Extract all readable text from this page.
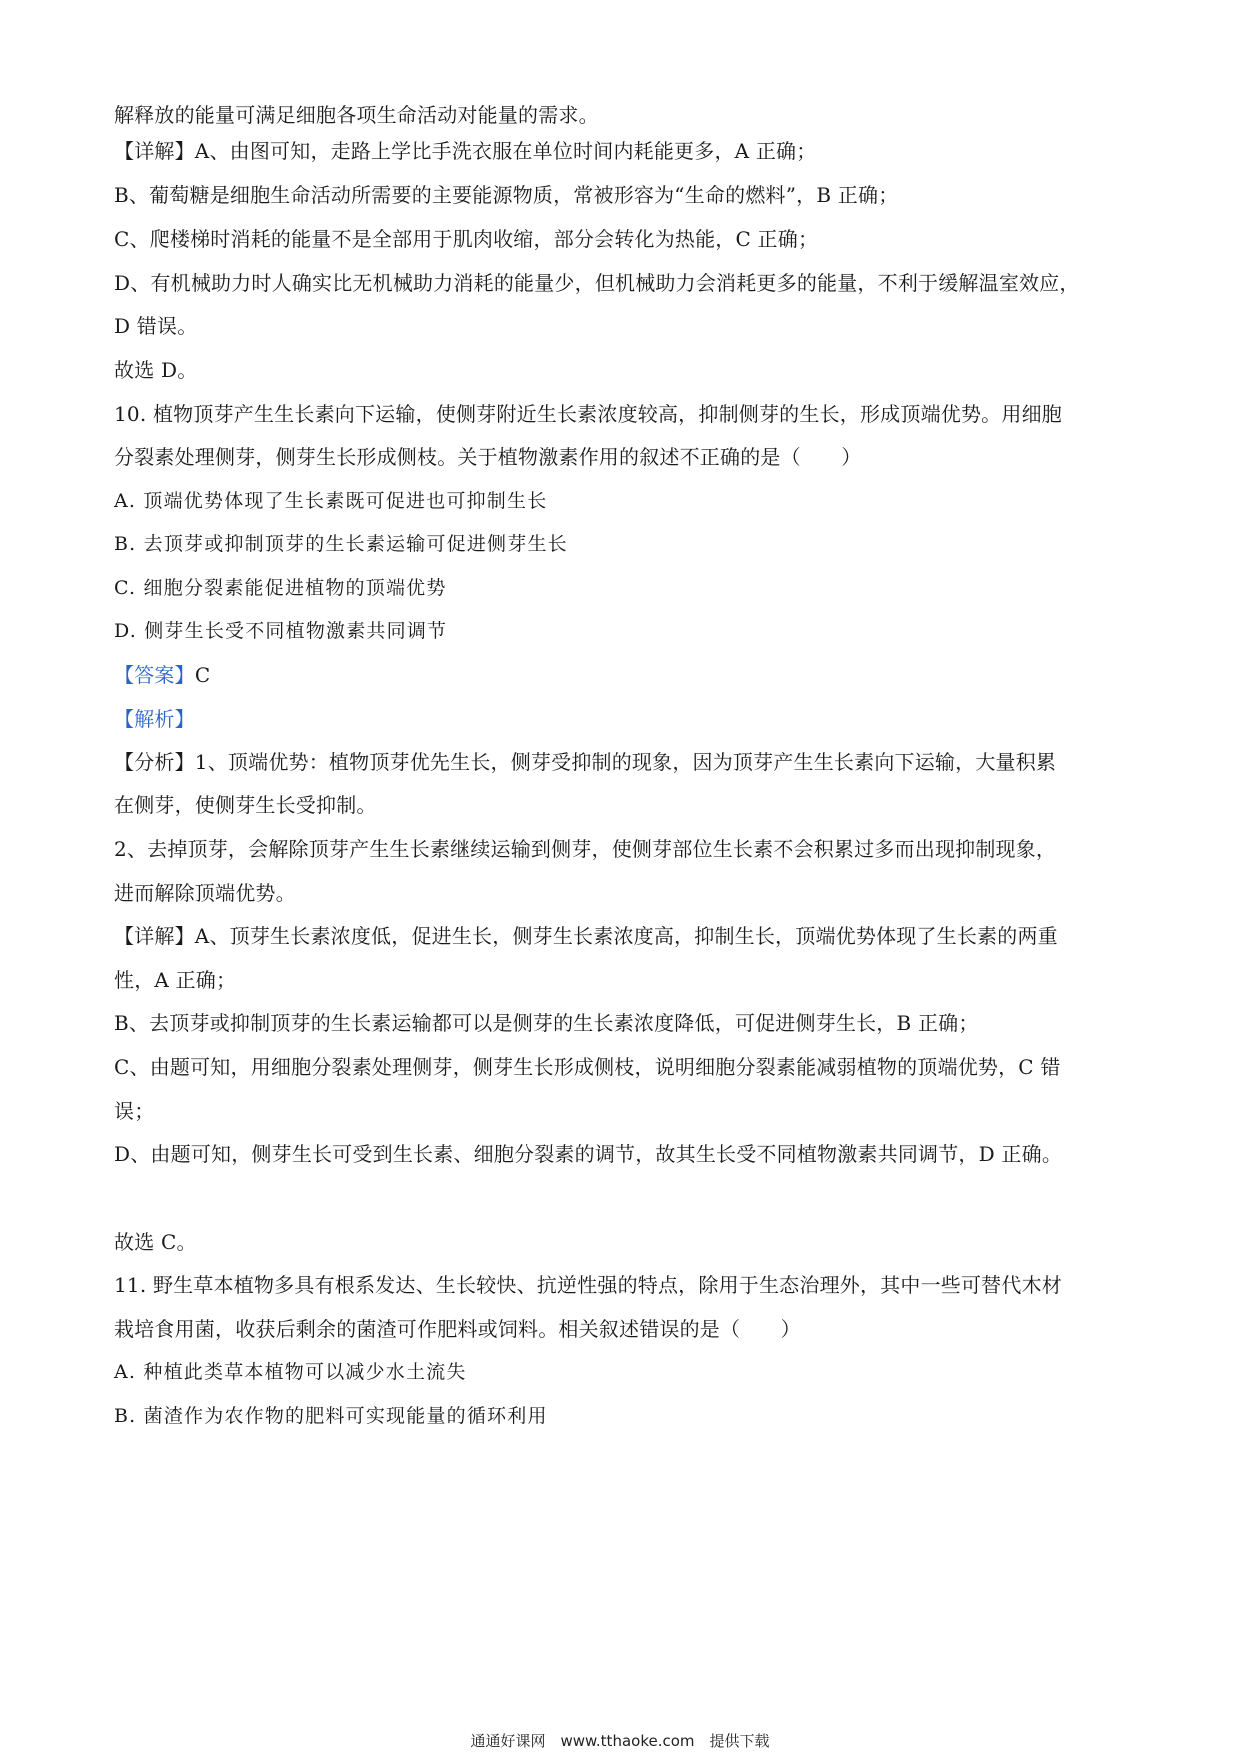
解释放的能量可满足细胞各项生命活动对能量的需求。
【详解】A、由图可知，走路上学比手洗衣服在单位时间内耗能更多，A 正确；
B、葡萄糖是细胞生命活动所需要的主要能源物质，常被形容为“生命的燃料”，B 正确；
C、爬楼梯时消耗的能量不是全部用于肌肉收缩，部分会转化为热能，C 正确；
D、有机械助力时人确实比无机械助力消耗的能量少，但机械助力会消耗更多的能量，不利于缓解温室效应，
D 错误。
故选 D。
10. 植物顶芽产生生长素向下运输，使侧芽附近生长素浓度较高，抑制侧芽的生长，形成顶端优势。用细胞
分裂素处理侧芽，侧芽生长形成侧枝。关于植物激素作用的叙述不正确的是（　　）
A. 顶端优势体现了生长素既可促进也可抑制生长
B. 去顶芽或抑制顶芽的生长素运输可促进侧芽生长
C. 细胞分裂素能促进植物的顶端优势
D. 侧芽生长受不同植物激素共同调节
【答案】C
【解析】
【分析】1、顶端优势：植物顶芽优先生长，侧芽受抑制的现象，因为顶芽产生生长素向下运输，大量积累
在侧芽，使侧芽生长受抑制。
2、去掉顶芽，会解除顶芽产生生长素继续运输到侧芽，使侧芽部位生长素不会积累过多而出现抑制现象，
进而解除顶端优势。
【详解】A、顶芽生长素浓度低，促进生长，侧芽生长素浓度高，抑制生长，顶端优势体现了生长素的两重
性，A 正确；
B、去顶芽或抑制顶芽的生长素运输都可以是侧芽的生长素浓度降低，可促进侧芽生长，B 正确；
C、由题可知，用细胞分裂素处理侧芽，侧芽生长形成侧枝，说明细胞分裂素能减弱植物的顶端优势，C 错
误；
D、由题可知，侧芽生长可受到生长素、细胞分裂素的调节，故其生长受不同植物激素共同调节，D 正确。
故选 C。
11. 野生草本植物多具有根系发达、生长较快、抗逆性强的特点，除用于生态治理外，其中一些可替代木材
栽培食用菌，收获后剩余的菌渣可作肥料或饲料。相关叙述错误的是（　　）
A. 种植此类草本植物可以减少水土流失
B. 菌渣作为农作物的肥料可实现能量的循环利用
通通好课网　www.tthaoke.com　提供下载
